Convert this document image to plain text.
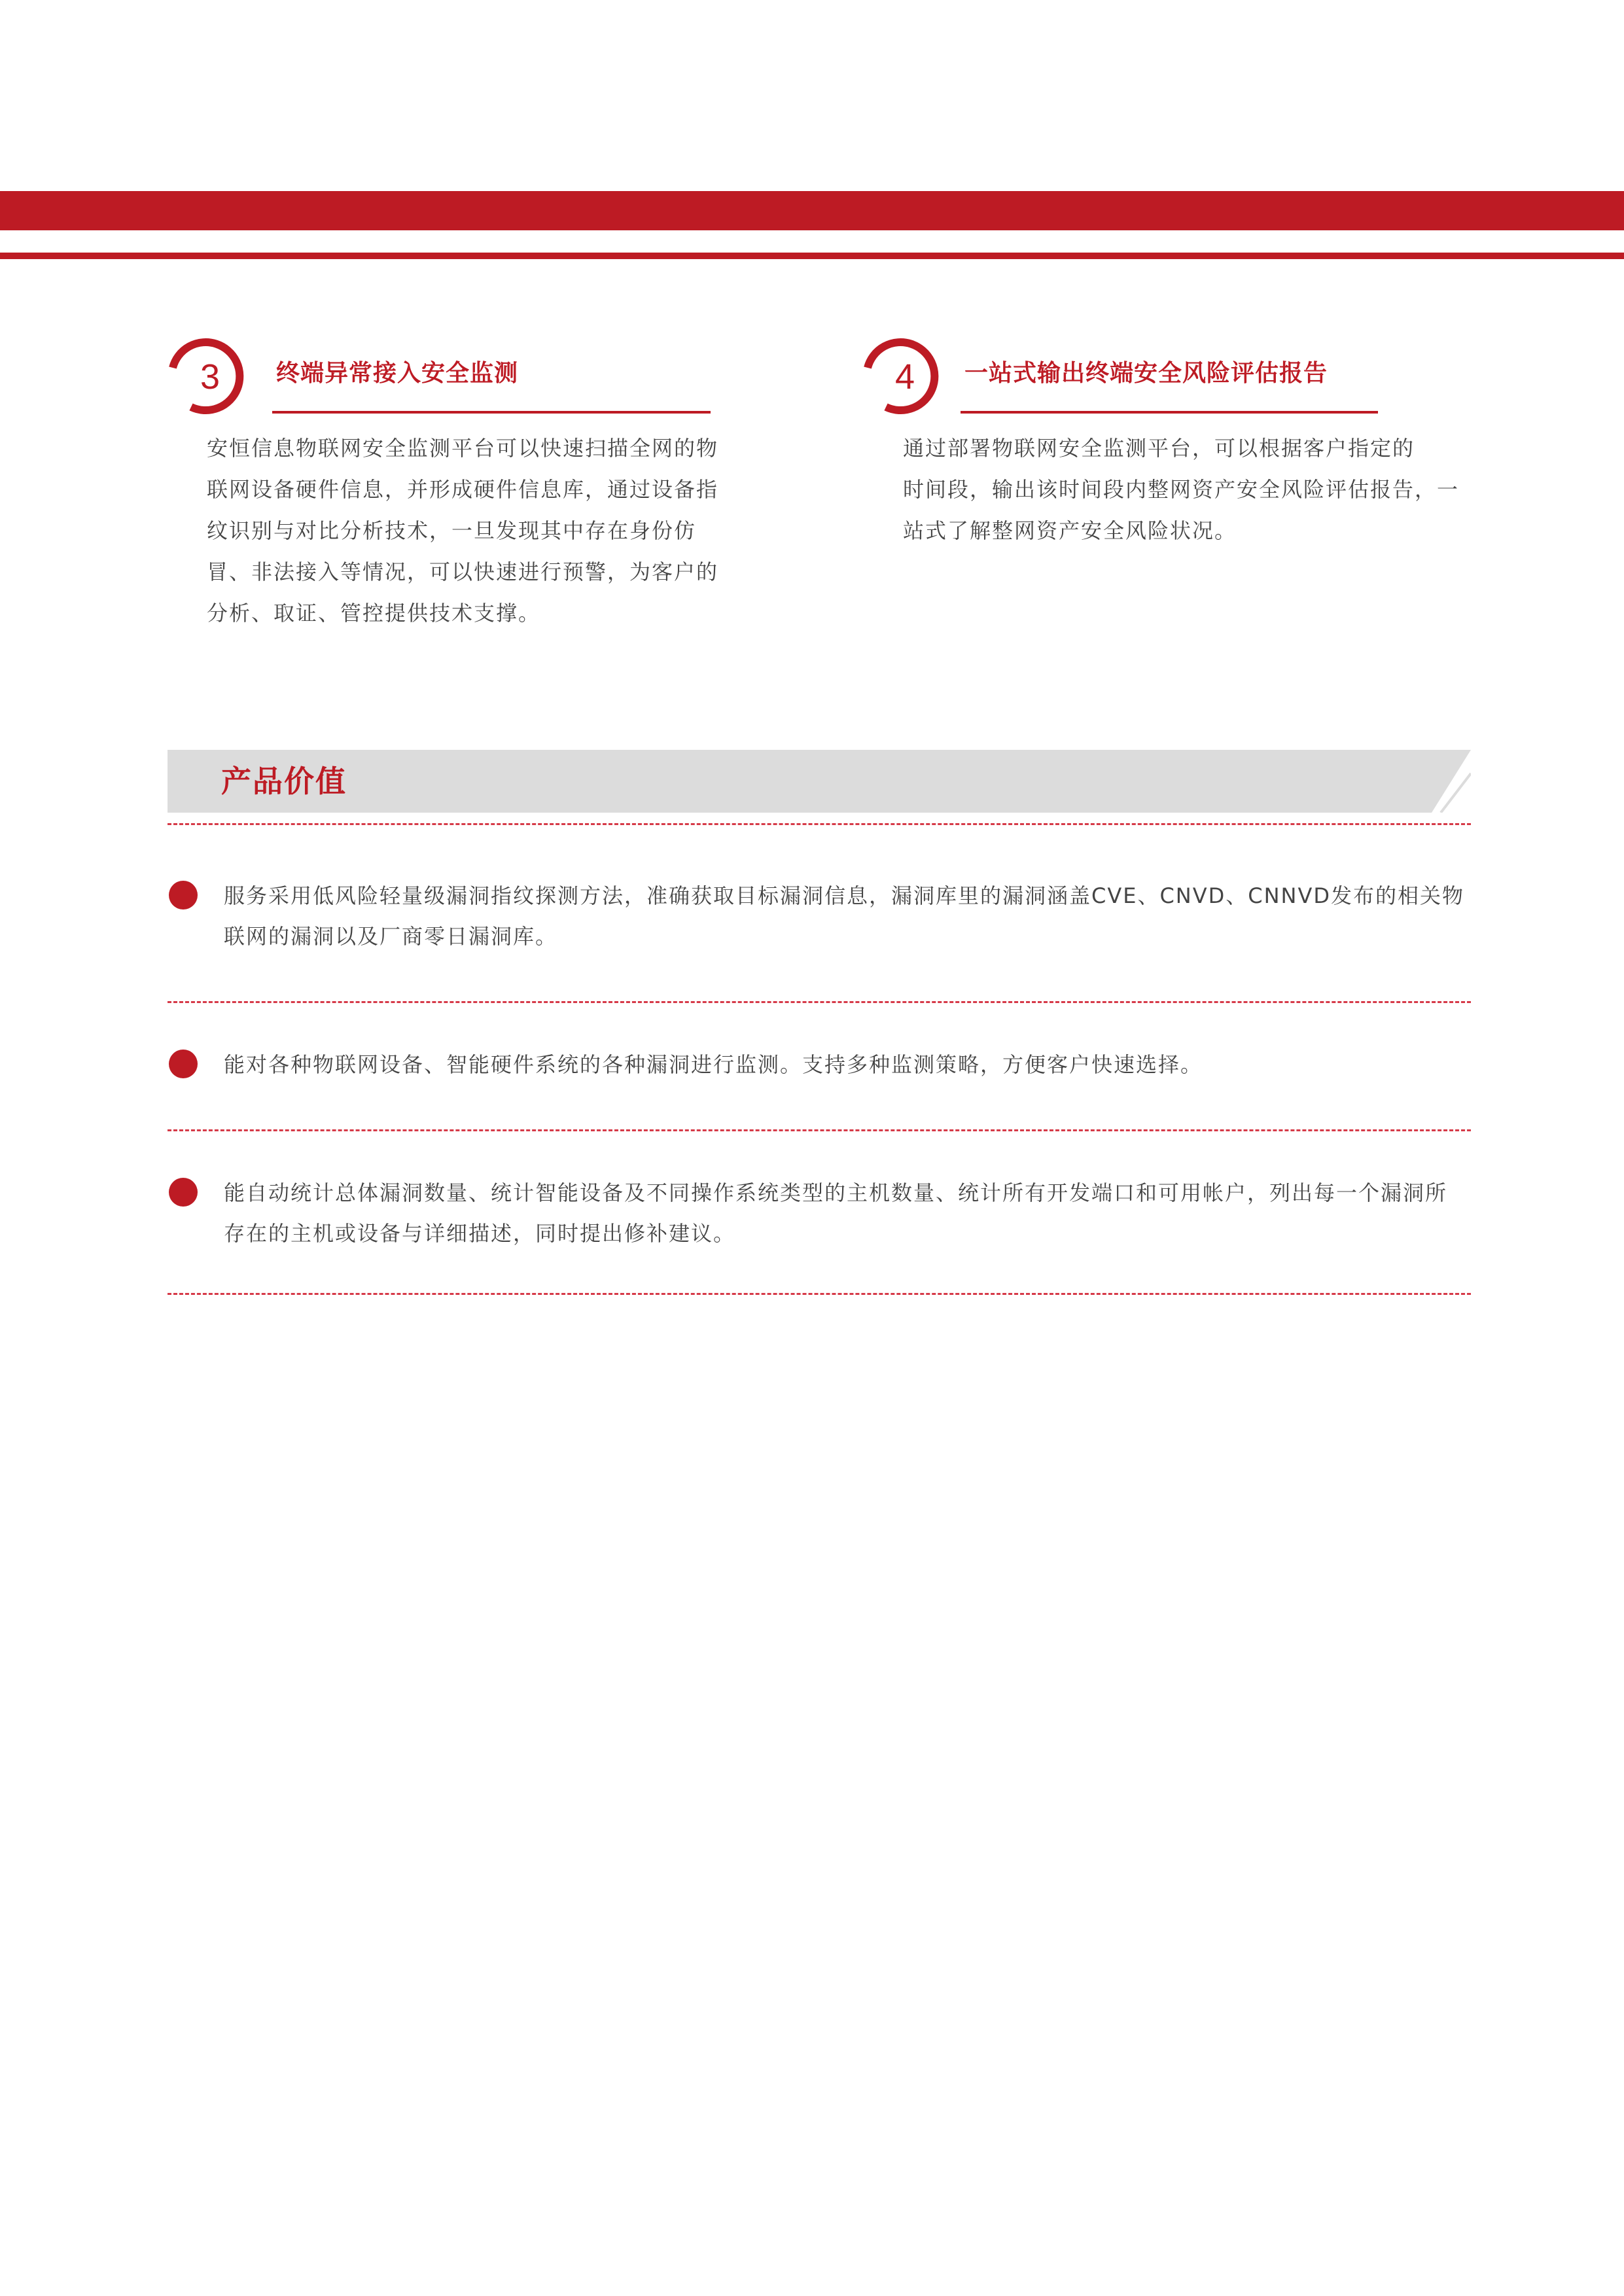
3	终端异常接入安全监测
安恒信息物联网安全监测平台可以快速扫描全网的物
联网设备硬件信息，并形成硬件信息库，通过设备指
纹识别与对比分析技术，一旦发现其中存在身份仿
冒、非法接入等情况，可以快速进行预警，为客户的
分析、取证、管控提供技术支撑。
4	一站式输出终端安全风险评估报告
通过部署物联网安全监测平台，可以根据客户指定的
时间段，输出该时间段内整网资产安全风险评估报告，一
站式了解整网资产安全风险状况。
产品价值
服务采用低风险轻量级漏洞指纹探测方法，准确获取目标漏洞信息，漏洞库里的漏洞涵盖CVE、CNVD、CNNVD发布的相关物联网的漏洞以及厂商零日漏洞库。
能对各种物联网设备、智能硬件系统的各种漏洞进行监测。支持多种监测策略，方便客户快速选择。
能自动统计总体漏洞数量、统计智能设备及不同操作系统类型的主机数量、统计所有开发端口和可用帐户，列出每一个漏洞所存在的主机或设备与详细描述，同时提出修补建议。
